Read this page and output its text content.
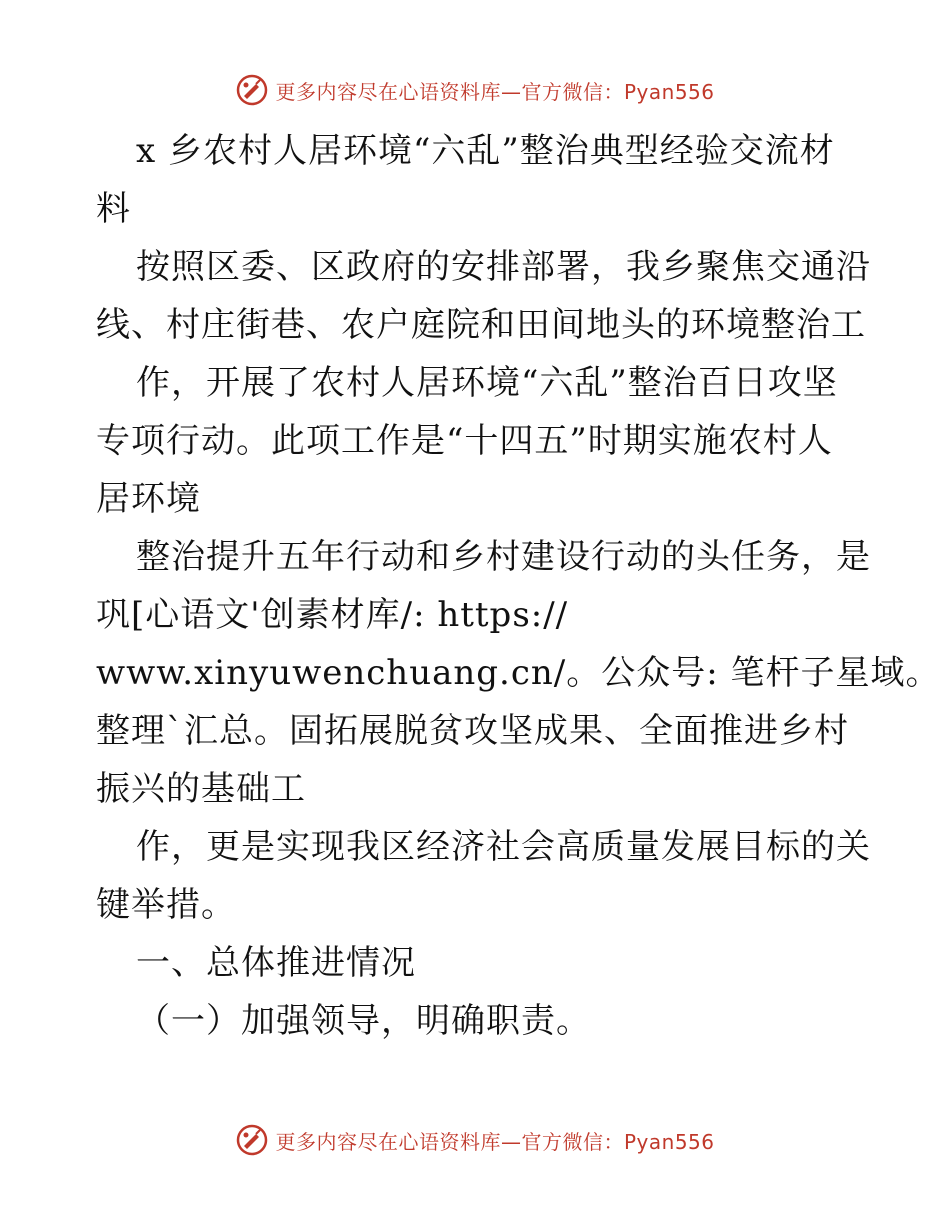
更多内容尽在心语资料库—官方微信：Pyan556
x 乡农村人居环境“六乱”整治典型经验交流材
料
按照区委、区政府的安排部署，我乡聚焦交通沿
线、村庄街巷、农户庭院和田间地头的环境整治工
作，开展了农村人居环境“六乱”整治百日攻坚
专项行动。此项工作是“十四五”时期实施农村人
居环境
整治提升五年行动和乡村建设行动的头任务，是
巩[心语文'创素材库/: https://
www.xinyuwenchuang.cn/。公众号: 笔杆子星域。
整理`汇总。固拓展脱贫攻坚成果、全面推进乡村
振兴的基础工
作，更是实现我区经济社会高质量发展目标的关
键举措。
一、总体推进情况
（一）加强领导，明确职责。
更多内容尽在心语资料库—官方微信：Pyan556
